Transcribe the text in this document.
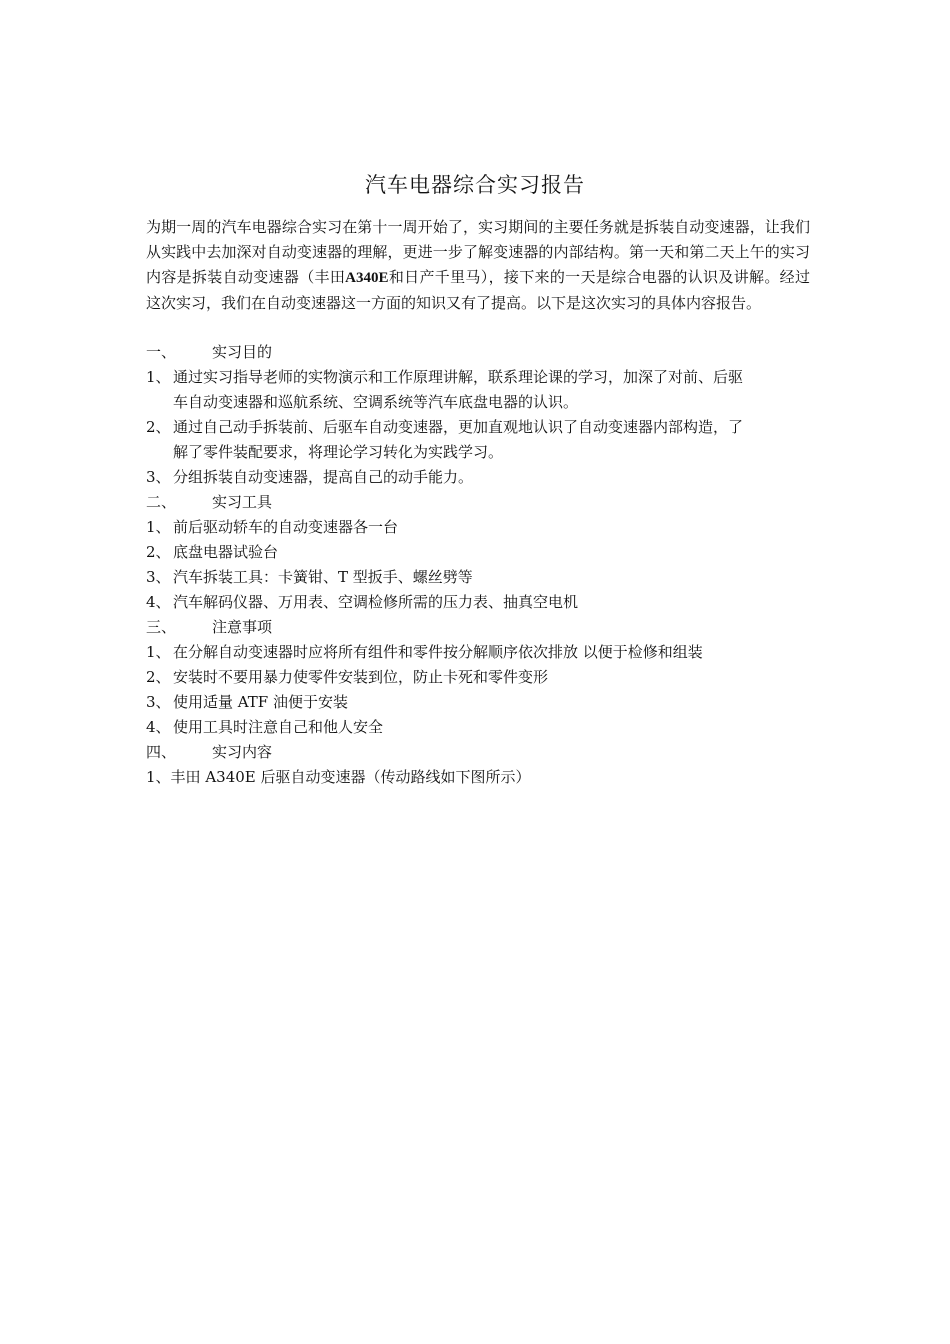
汽车电器综合实习报告

为期一周的汽车电器综合实习在第十一周开始了，实习期间的主要任务就是拆装自动变速器，让我们从实践中去加深对自动变速器的理解，更进一步了解变速器的内部结构。第一天和第二天上午的实习内容是拆装自动变速器（丰田A340E和日产千里马），接下来的一天是综合电器的认识及讲解。经过这次实习，我们在自动变速器这一方面的知识又有了提高。以下是这次实习的具体内容报告。

一、 实习目的
1、 通过实习指导老师的实物演示和工作原理讲解，联系理论课的学习，加深了对前、后驱
车自动变速器和巡航系统、空调系统等汽车底盘电器的认识。
2、 通过自己动手拆装前、后驱车自动变速器，更加直观地认识了自动变速器内部构造，了
解了零件装配要求，将理论学习转化为实践学习。
3、 分组拆装自动变速器，提高自己的动手能力。
二、 实习工具
1、 前后驱动轿车的自动变速器各一台
2、 底盘电器试验台
3、 汽车拆装工具：卡簧钳、T 型扳手、螺丝劈等
4、 汽车解码仪器、万用表、空调检修所需的压力表、抽真空电机
三、 注意事项
1、 在分解自动变速器时应将所有组件和零件按分解顺序依次排放 以便于检修和组装
2、 安装时不要用暴力使零件安装到位，防止卡死和零件变形
3、 使用适量 ATF 油便于安装
4、 使用工具时注意自己和他人安全
四、 实习内容
1、丰田 A340E 后驱自动变速器（传动路线如下图所示）
